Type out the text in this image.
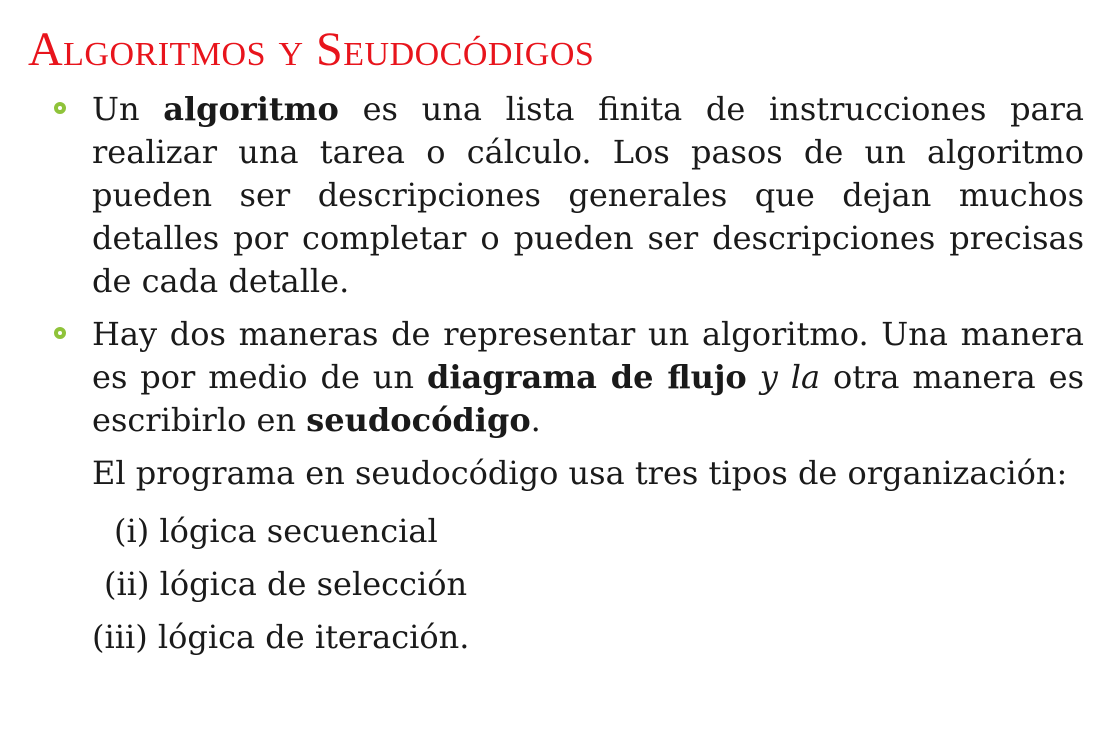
Algoritmos y Seudocódigos
Un algoritmo es una lista finita de instrucciones para realizar una tarea o cálculo. Los pasos de un algoritmo pueden ser descripciones generales que dejan muchos detalles por completar o pueden ser descripciones precisas de cada detalle.
Hay dos maneras de representar un algoritmo. Una manera es por medio de un diagrama de flujo y la otra manera es escribirlo en seudocódigo.
El programa en seudocódigo usa tres tipos de organización:
(i) lógica secuencial
(ii) lógica de selección
(iii) lógica de iteración.
